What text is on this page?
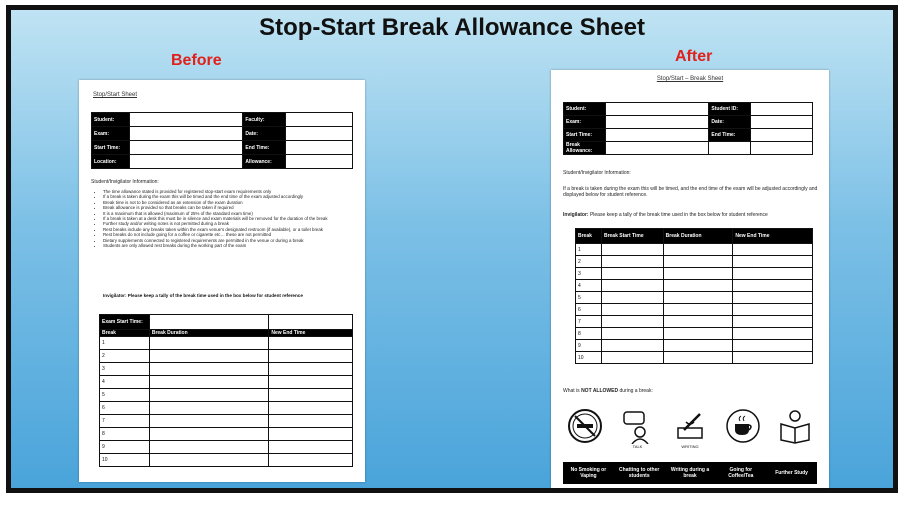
Stop-Start Break Allowance Sheet
Before	After
Stop/Start Sheet
Student:		Faculty:	
Exam:		Date:	
Start Time:		End Time:	
Location:		Allowance:	
Student/Invigilator Information:
• The time allowance stated is provided for registered stop-start exam requirements only
• If a break is taken during the exam this will be timed and the end time of the exam adjusted accordingly
• Break time is not to be considered as an extension of the exam duration
• Break allowance is provided so that breaks can be taken if required
• It is a maximum that is allowed (maximum of 25% of the standard exam time)
• If a break is taken at a desk this must be in silence and exam materials will be removed for the duration of the break
• Further study and/or writing notes is not permitted during a break
• Rest breaks include any breaks taken within the exam venue's designated restroom (if available), or a toilet break
• Rest breaks do not include going for a coffee or cigarette etc… these are not permitted
• Dietary supplements connected to registered requirements are permitted in the venue or during a break
• Students are only allowed rest breaks during the working part of the exam
Invigilator: Please keep a tally of the break time used in the box below for student reference
Exam Start Time:		
Break	Break Duration	New End Time
1		
2		
3		
4		
5		
6		
7		
8		
9		
10		
Stop/Start – Break Sheet
Student:		Student ID:	
Exam:		Date:	
Start Time:		End Time:	
Break Allowance:			
Student/Invigilator Information:
If a break is taken during the exam this will be timed, and the end time of the exam will be adjusted accordingly and displayed below for student reference.
Invigilator: Please keep a tally of the break time used in the box below for student reference
Break	Break Start Time	Break Duration	New End Time
1			
2			
3			
4			
5			
6			
7			
8			
9			
10			
What is NOT ALLOWED during a break:
TALK	WRITING
No Smoking or Vaping
Chatting to other students
Writing during a break
Going for Coffee/Tea	Further Study
